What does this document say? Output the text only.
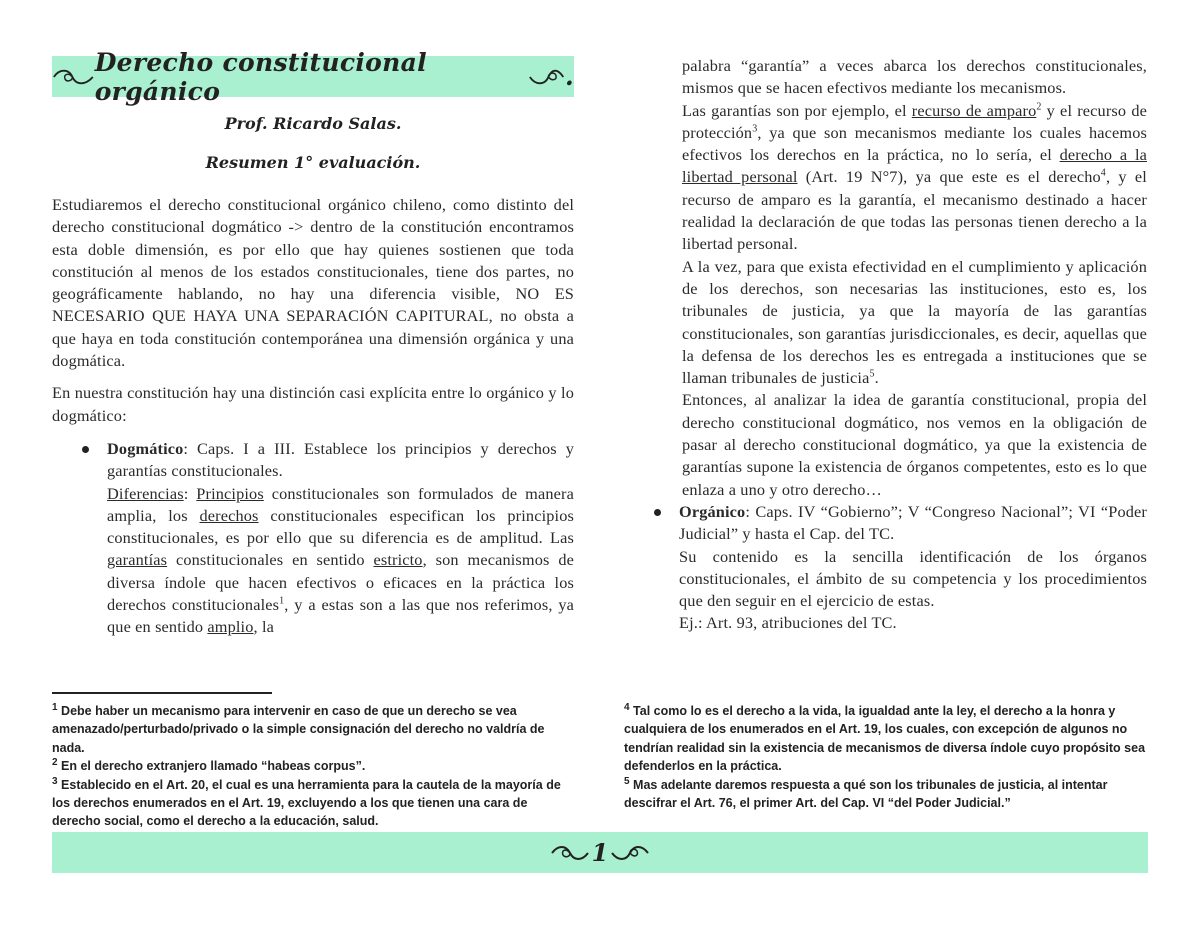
Derecho constitucional orgánico	.
Prof. Ricardo Salas.
Resumen 1° evaluación.

Estudiaremos el derecho constitucional orgánico chileno, como distinto del derecho constitucional dogmático -> dentro de la constitución encontramos esta doble dimensión, es por ello que hay quienes sostienen que toda constitución al menos de los estados constitucionales, tiene dos partes, no geográficamente hablando, no hay una diferencia visible, NO ES NECESARIO QUE HAYA UNA SEPARACIÓN CAPITURAL, no obsta a que haya en toda constitución contemporánea una dimensión orgánica y una dogmática.

En nuestra constitución hay una distinción casi explícita entre lo orgánico y lo dogmático:

Dogmático: Caps. I a III. Establece los principios y derechos y garantías constitucionales.

Diferencias: Principios constitucionales son formulados de manera amplia, los derechos constitucionales especifican los principios constitucionales, es por ello que su diferencia es de amplitud. Las garantías constitucionales en sentido estricto, son mecanismos de diversa índole que hacen efectivos o eficaces en la práctica los derechos constitucionales$^1$, y a estas son a las que nos referimos, ya que en sentido amplio, la

palabra “garantía” a veces abarca los derechos constitucionales, mismos que se hacen efectivos mediante los mecanismos.

Las garantías son por ejemplo, el recurso de amparo$^2$ y el recurso de protección$^3$, ya que son mecanismos mediante los cuales hacemos efectivos los derechos en la práctica, no lo sería, el derecho a la libertad personal (Art. 19 N°7), ya que este es el derecho$^4$, y el recurso de amparo es la garantía, el mecanismo destinado a hacer realidad la declaración de que todas las personas tienen derecho a la libertad personal.

A la vez, para que exista efectividad en el cumplimiento y aplicación de los derechos, son necesarias las instituciones, esto es, los tribunales de justicia, ya que la mayoría de las garantías constitucionales, son garantías jurisdiccionales, es decir, aquellas que la defensa de los derechos les es entregada a instituciones que se llaman tribunales de justicia$^5$.

Entonces, al analizar la idea de garantía constitucional, propia del derecho constitucional dogmático, nos vemos en la obligación de pasar al derecho constitucional dogmático, ya que la existencia de garantías supone la existencia de órganos competentes, esto es lo que enlaza a uno y otro derecho…

Orgánico: Caps. IV “Gobierno”; V “Congreso Nacional”; VI “Poder Judicial” y hasta el Cap. del TC.

Su contenido es la sencilla identificación de los órganos constitucionales, el ámbito de su competencia y los procedimientos que den seguir en el ejercicio de estas.

Ej.: Art. 93, atribuciones del TC.

$^1$ Debe haber un mecanismo para intervenir en caso de que un derecho se vea amenazado/perturbado/privado o la simple consignación del derecho no valdría de nada.

$^2$ En el derecho extranjero llamado “habeas corpus”.

$^3$ Establecido en el Art. 20, el cual es una herramienta para la cautela de la mayoría de los derechos enumerados en el Art. 19, excluyendo a los que tienen una cara de derecho social, como el derecho a la educación, salud.

$^4$ Tal como lo es el derecho a la vida, la igualdad ante la ley, el derecho a la honra y cualquiera de los enumerados en el Art. 19, los cuales, con excepción de algunos no tendrían realidad sin la existencia de mecanismos de diversa índole cuyo propósito sea defenderlos en la práctica.

$^5$ Mas adelante daremos respuesta a qué son los tribunales de justicia, al intentar descifrar el Art. 76, el primer Art. del Cap. VI “del Poder Judicial.”

1
